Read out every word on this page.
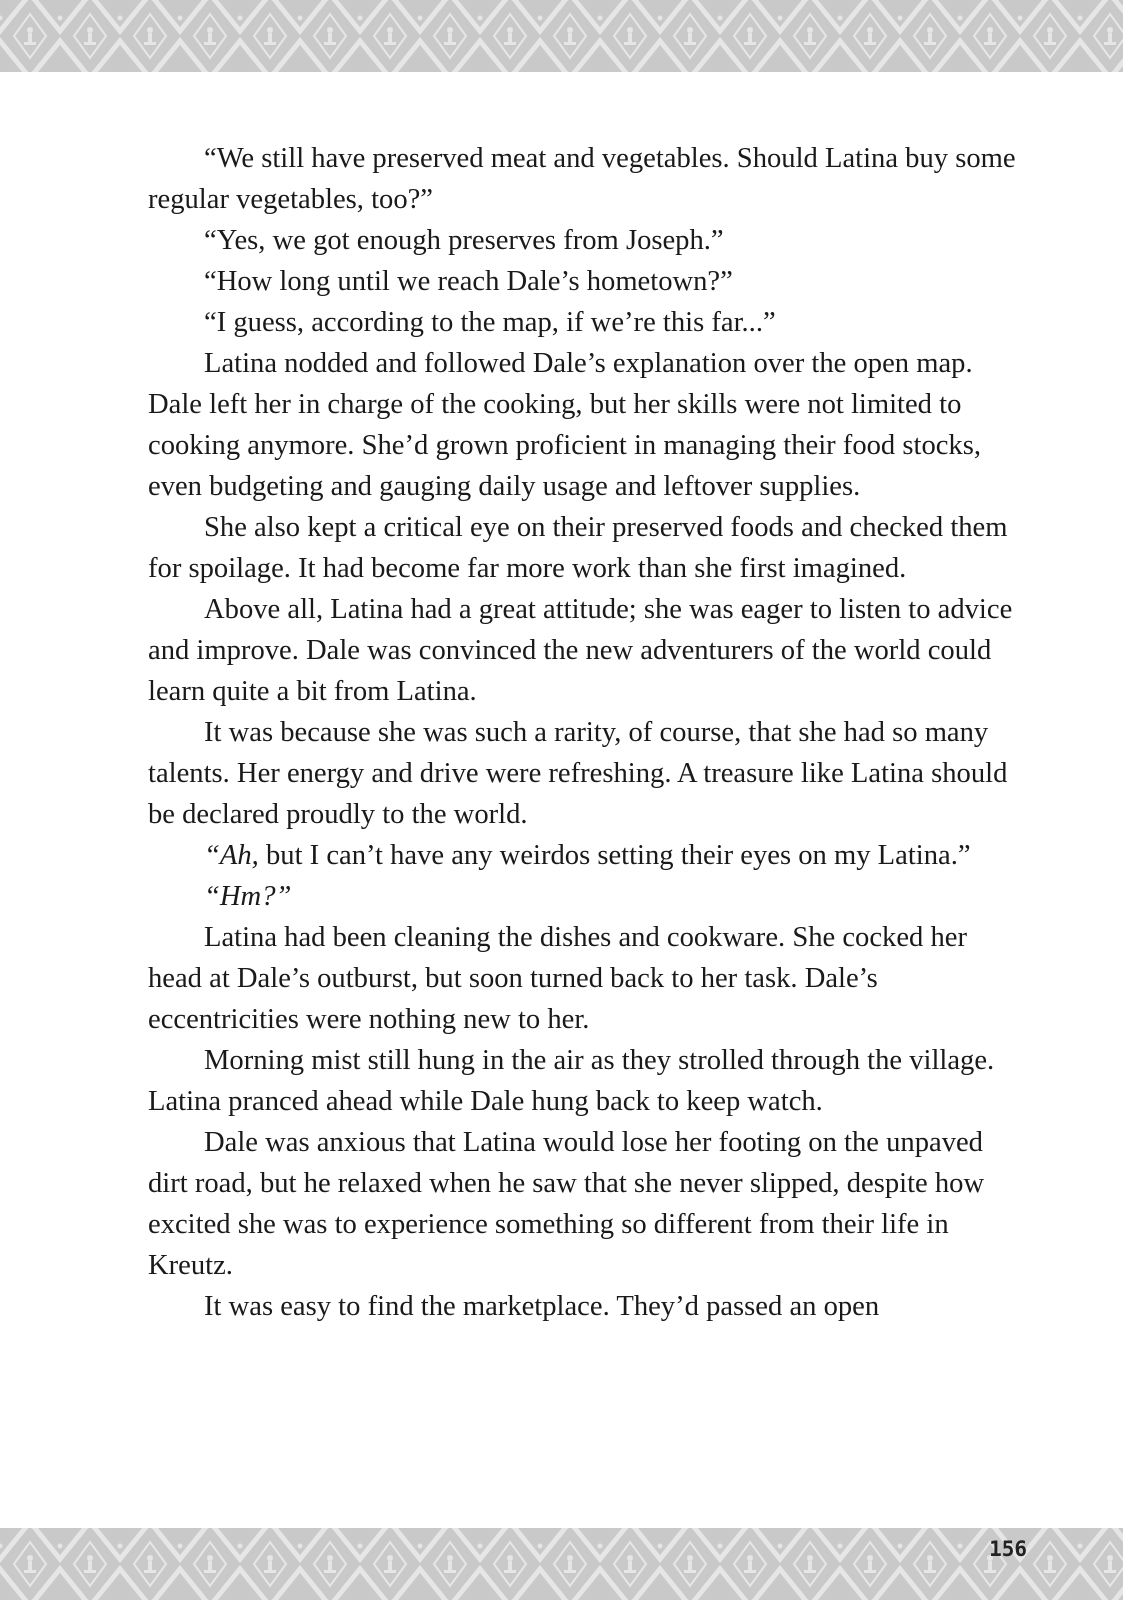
“We still have preserved meat and vegetables. Should Latina buy some regular vegetables, too?”

“Yes, we got enough preserves from Joseph.”

“How long until we reach Dale’s hometown?”

“I guess, according to the map, if we’re this far...”

Latina nodded and followed Dale’s explanation over the open map. Dale left her in charge of the cooking, but her skills were not limited to cooking anymore. She’d grown proficient in managing their food stocks, even budgeting and gauging daily usage and leftover supplies.

She also kept a critical eye on their preserved foods and checked them for spoilage. It had become far more work than she first imagined.

Above all, Latina had a great attitude; she was eager to listen to advice and improve. Dale was convinced the new adventurers of the world could learn quite a bit from Latina.

It was because she was such a rarity, of course, that she had so many talents. Her energy and drive were refreshing. A treasure like Latina should be declared proudly to the world.

“Ah, but I can’t have any weirdos setting their eyes on my Latina.”

“Hm?”

Latina had been cleaning the dishes and cookware. She cocked her head at Dale’s outburst, but soon turned back to her task. Dale’s eccentricities were nothing new to her.

Morning mist still hung in the air as they strolled through the village. Latina pranced ahead while Dale hung back to keep watch.

Dale was anxious that Latina would lose her footing on the unpaved dirt road, but he relaxed when he saw that she never slipped, despite how excited she was to experience something so different from their life in Kreutz.

It was easy to find the marketplace. They’d passed an open

156
